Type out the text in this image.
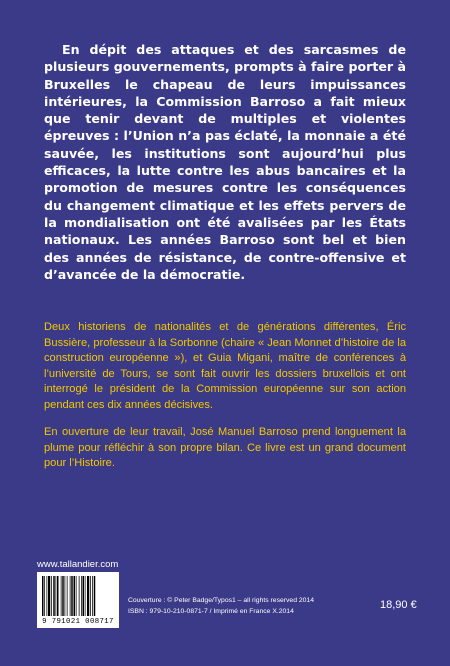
En dépit des attaques et des sarcasmes de plusieurs gouvernements, prompts à faire porter à Bruxelles le chapeau de leurs impuissances intérieures, la Commission Barroso a fait mieux que tenir devant de multiples et violentes épreuves : l’Union n’a pas éclaté, la monnaie a été sauvée, les institutions sont aujourd’hui plus efficaces, la lutte contre les abus bancaires et la promotion de mesures contre les conséquences du changement climatique et les effets pervers de la mondialisation ont été avalisées par les États nationaux. Les années Barroso sont bel et bien des années de résistance, de contre-offensive et d’avancée de la démocratie.

Deux historiens de nationalités et de générations différentes, Éric Bussière, professeur à la Sorbonne (chaire « Jean Monnet d’histoire de la construction européenne »), et Guia Migani, maître de conférences à l’université de Tours, se sont fait ouvrir les dossiers bruxellois et ont interrogé le président de la Commission européenne sur son action pendant ces dix années décisives.
En ouverture de leur travail, José Manuel Barroso prend longuement la plume pour réfléchir à son propre bilan. Ce livre est un grand document pour l’Histoire.
www.tallandier.com
9 791021 008717
Couverture : © Peter Badge/Typos1 – all rights reserved 2014
ISBN : 979-10-210-0871-7 / Imprimé en France X.2014
18,90 €
